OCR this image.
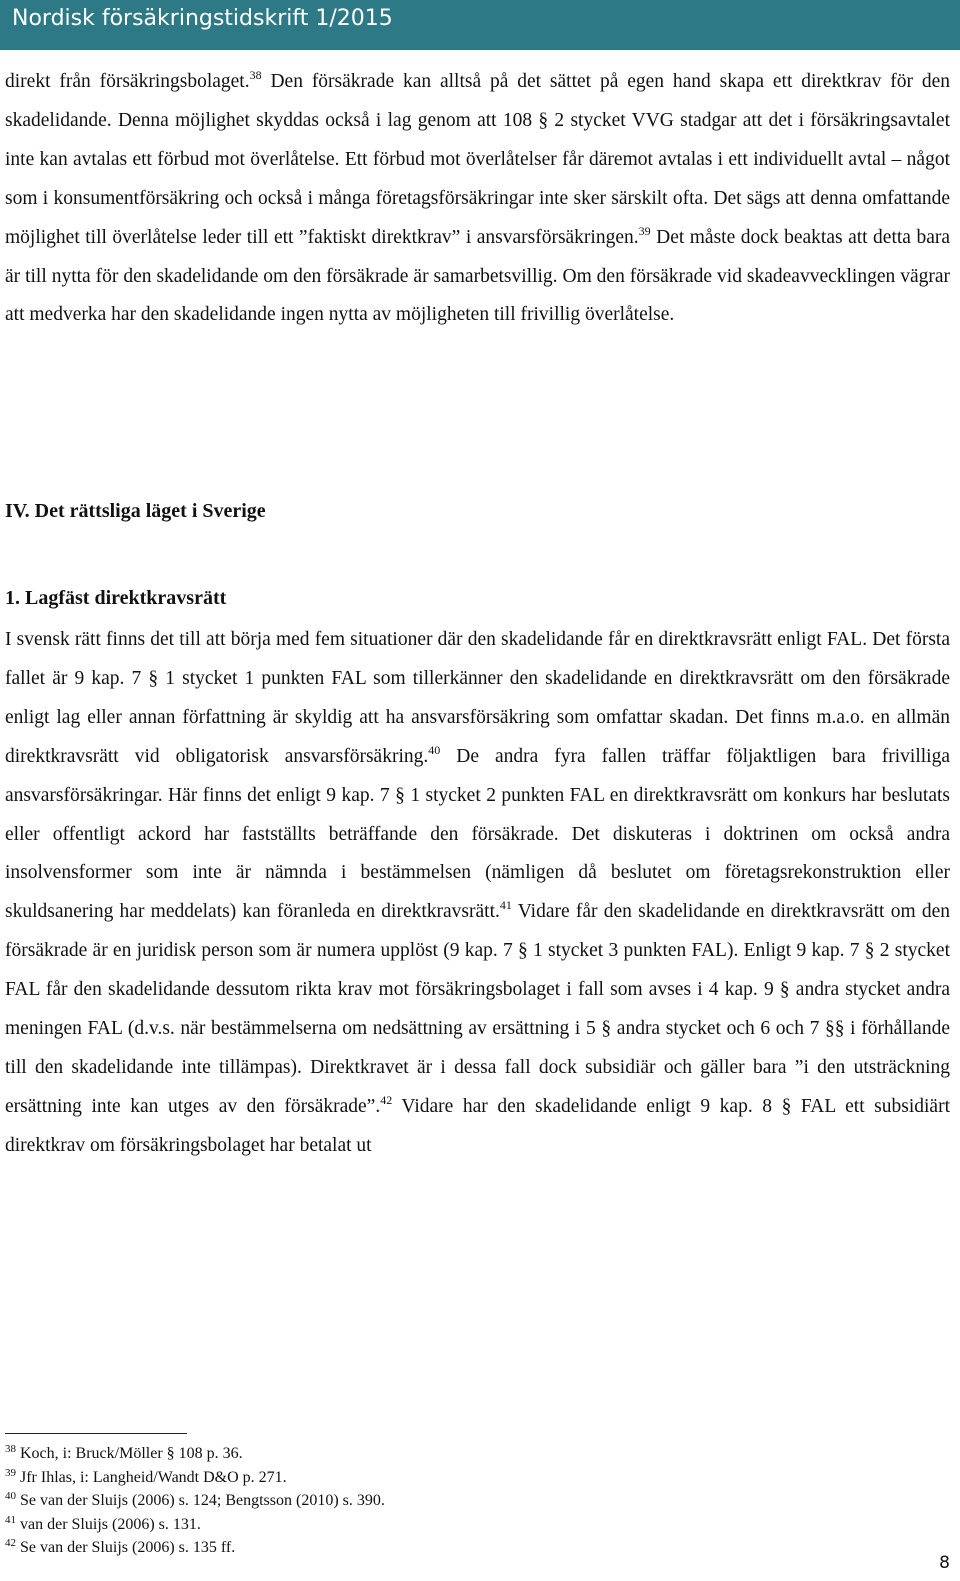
Nordisk försäkringstidskrift 1/2015
direkt från försäkringsbolaget.$^{38}$ Den försäkrade kan alltså på det sättet på egen hand skapa ett direktkrav för den skadelidande. Denna möjlighet skyddas också i lag genom att 108 § 2 stycket VVG stadgar att det i försäkringsavtalet inte kan avtalas ett förbud mot överlåtelse. Ett förbud mot överlåtelser får däremot avtalas i ett individuellt avtal – något som i konsumentförsäkring och också i många företagsförsäkringar inte sker särskilt ofta. Det sägs att denna omfattande möjlighet till överlåtelse leder till ett ”faktiskt direktkrav” i ansvarsförsäkringen.$^{39}$ Det måste dock beaktas att detta bara är till nytta för den skadelidande om den försäkrade är samarbetsvillig. Om den försäkrade vid skadeavvecklingen vägrar att medverka har den skadelidande ingen nytta av möjligheten till frivillig överlåtelse.
IV. Det rättsliga läget i Sverige
1. Lagfäst direktkravsrätt
I svensk rätt finns det till att börja med fem situationer där den skadelidande får en direktkravsrätt enligt FAL. Det första fallet är 9 kap. 7 § 1 stycket 1 punkten FAL som tillerkänner den skadelidande en direktkravsrätt om den försäkrade enligt lag eller annan författning är skyldig att ha ansvarsförsäkring som omfattar skadan. Det finns m.a.o. en allmän direktkravsrätt vid obligatorisk ansvarsförsäkring.$^{40}$ De andra fyra fallen träffar följaktligen bara frivilliga ansvarsförsäkringar. Här finns det enligt 9 kap. 7 § 1 stycket 2 punkten FAL en direktkravsrätt om konkurs har beslutats eller offentligt ackord har fastställts beträffande den försäkrade. Det diskuteras i doktrinen om också andra insolvensformer som inte är nämnda i bestämmelsen (nämligen då beslutet om företagsrekonstruktion eller skuldsanering har meddelats) kan föranleda en direktkravsrätt.$^{41}$ Vidare får den skadelidande en direktkravsrätt om den försäkrade är en juridisk person som är numera upplöst (9 kap. 7 § 1 stycket 3 punkten FAL). Enligt 9 kap. 7 § 2 stycket FAL får den skadelidande dessutom rikta krav mot försäkringsbolaget i fall som avses i 4 kap. 9 § andra stycket andra meningen FAL (d.v.s. när bestämmelserna om nedsättning av ersättning i 5 § andra stycket och 6 och 7 §§ i förhållande till den skadelidande inte tillämpas). Direktkravet är i dessa fall dock subsidiär och gäller bara ”i den utsträckning ersättning inte kan utges av den försäkrade”.$^{42}$ Vidare har den skadelidande enligt 9 kap. 8 § FAL ett subsidiärt direktkrav om försäkringsbolaget har betalat ut
$^{38}$ Koch, i: Bruck/Möller § 108 p. 36.
$^{39}$ Jfr Ihlas, i: Langheid/Wandt D&O p. 271.
$^{40}$ Se van der Sluijs (2006) s. 124; Bengtsson (2010) s. 390.
$^{41}$ van der Sluijs (2006) s. 131.
$^{42}$ Se van der Sluijs (2006) s. 135 ff.
8
